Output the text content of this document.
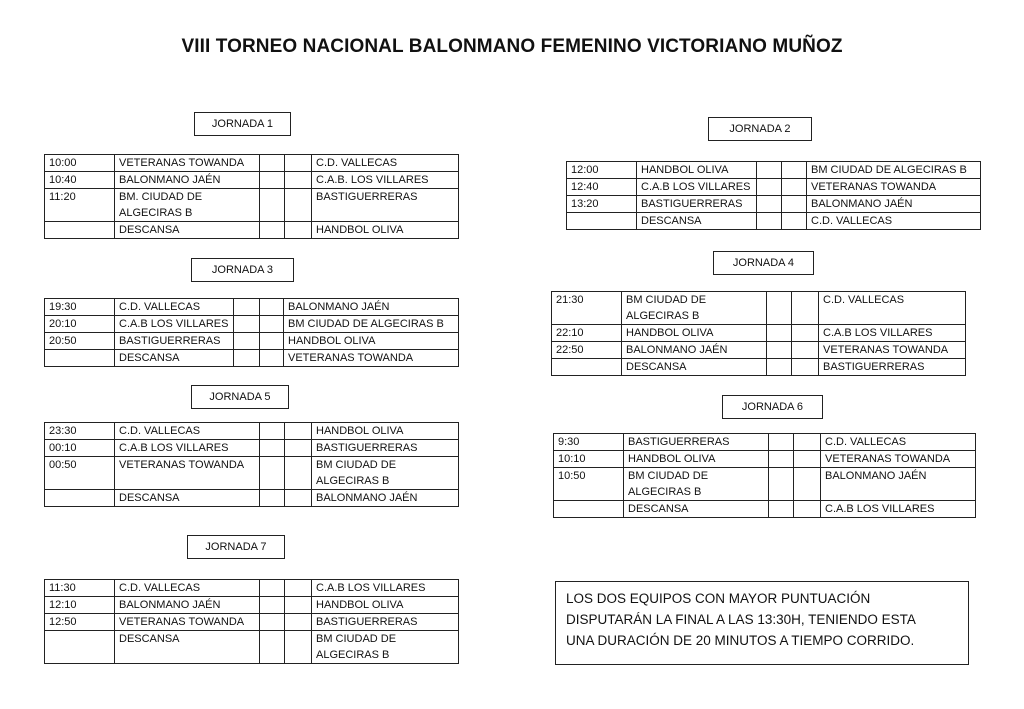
VIII TORNEO NACIONAL BALONMANO FEMENINO VICTORIANO MUÑOZ
JORNADA 1
10:00	VETERANAS TOWANDA			C.D. VALLECAS
10:40	BALONMANO JAÉN			C.A.B. LOS VILLARES
11:20	BM. CIUDAD DE ALGECIRAS B			BASTIGUERRERAS
	DESCANSA			HANDBOL OLIVA
JORNADA 2
12:00	HANDBOL OLIVA			BM CIUDAD DE ALGECIRAS B
12:40	C.A.B LOS VILLARES			VETERANAS TOWANDA
13:20	BASTIGUERRERAS			BALONMANO JAÉN
	DESCANSA			C.D. VALLECAS
JORNADA 3
19:30	C.D. VALLECAS			BALONMANO JAÉN
20:10	C.A.B LOS VILLARES			BM CIUDAD DE ALGECIRAS B
20:50	BASTIGUERRERAS			HANDBOL OLIVA
	DESCANSA			VETERANAS TOWANDA
JORNADA 4
21:30	BM CIUDAD DE ALGECIRAS B			C.D. VALLECAS
22:10	HANDBOL OLIVA			C.A.B LOS VILLARES
22:50	BALONMANO JAÉN			VETERANAS TOWANDA
	DESCANSA			BASTIGUERRERAS
JORNADA 5
23:30	C.D. VALLECAS			HANDBOL OLIVA
00:10	C.A.B LOS VILLARES			BASTIGUERRERAS
00:50	VETERANAS TOWANDA			BM CIUDAD DE ALGECIRAS B
	DESCANSA			BALONMANO JAÉN
JORNADA 6
9:30	BASTIGUERRERAS			C.D. VALLECAS
10:10	HANDBOL OLIVA			VETERANAS TOWANDA
10:50	BM CIUDAD DE ALGECIRAS B			BALONMANO JAÉN
	DESCANSA			C.A.B LOS VILLARES
JORNADA 7
11:30	C.D. VALLECAS			C.A.B LOS VILLARES
12:10	BALONMANO JAÉN			HANDBOL OLIVA
12:50	VETERANAS TOWANDA			BASTIGUERRERAS
	DESCANSA			BM CIUDAD DE ALGECIRAS B
LOS DOS EQUIPOS CON MAYOR PUNTUACIÓN
DISPUTARÁN LA FINAL A LAS 13:30H, TENIENDO ESTA
UNA DURACIÓN DE 20 MINUTOS A TIEMPO CORRIDO.
